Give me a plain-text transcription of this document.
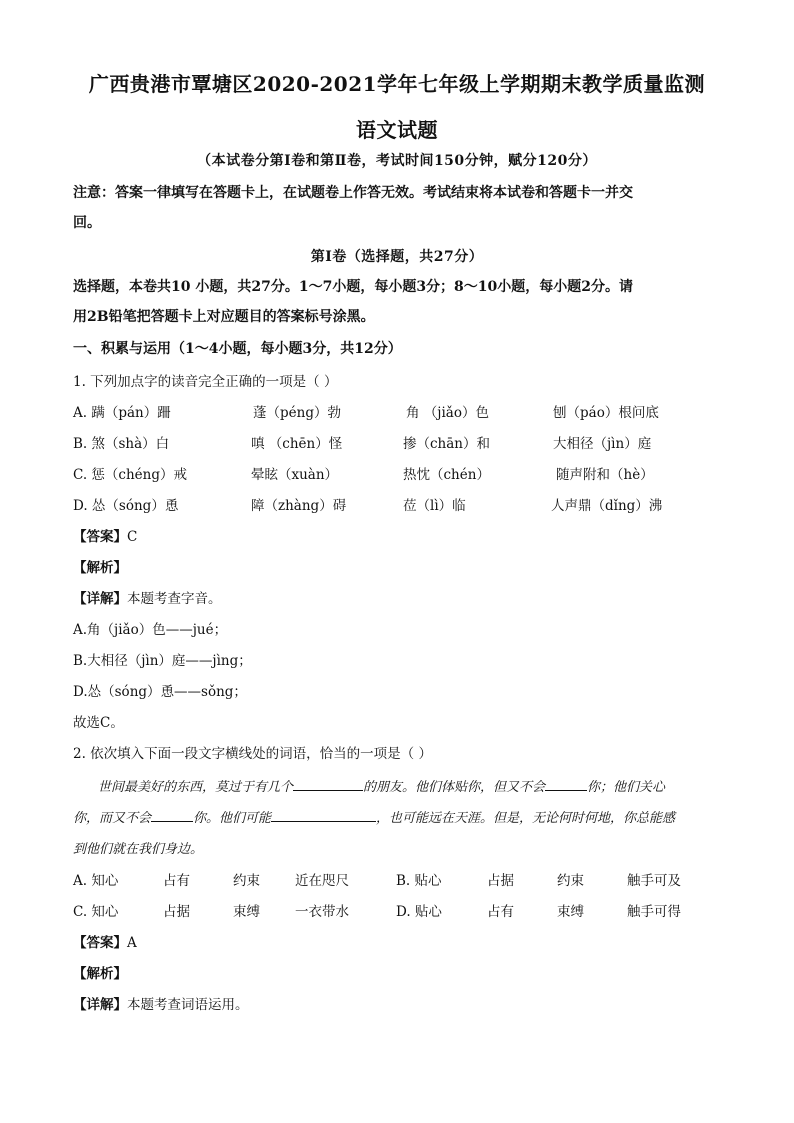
广西贵港市覃塘区2020-2021学年七年级上学期期末教学质量监测
语文试题
（本试卷分第Ⅰ卷和第Ⅱ卷，考试时间150分钟，赋分120分）
注意：答案一律填写在答题卡上，在试题卷上作答无效。考试结束将本试卷和答题卡一并交
回。
第Ⅰ卷（选择题，共27分）
选择题，本卷共10 小题，共27分。1～7小题，每小题3分；8～10小题，每小题2分。请
用2B铅笔把答题卡上对应题目的答案标号涂黑。
一、积累与运用（1～4小题，每小题3分，共12分）
1. 下列加点字的读音完全正确的一项是（ ）
A. 蹒（pán）跚	蓬（péng）勃	角 （jiǎo）色	刨（páo）根问底
B. 煞（shà）白	嗔 （chēn）怪	掺（chān）和	大相径（jìn）庭
C. 惩（chéng）戒	晕眩（xuàn）	热忱（chén）	随声附和（hè）
D. 怂（sóng）恿	障（zhàng）碍	莅（lì）临	人声鼎（dǐng）沸
【答案】C
【解析】
【详解】本题考查字音。
A.角（jiǎo）色——jué；
B.大相径（jìn）庭——jìng；
D.怂（sóng）恿——sǒng；
故选C。
2. 依次填入下面一段文字横线处的词语，恰当的一项是（ ）
世间最美好的东西，莫过于有几个	的朋友。他们体贴你，但又不会	你；他们关心
你，而又不会	你。他们可能	，也可能远在天涯。但是，无论何时何地，你总能感
到他们就在我们身边。
A. 知心	占有	约束	近在咫尺	B. 贴心	占据	约束	触手可及
C. 知心	占据	束缚	一衣带水	D. 贴心	占有	束缚	触手可得
【答案】A
【解析】
【详解】本题考查词语运用。
